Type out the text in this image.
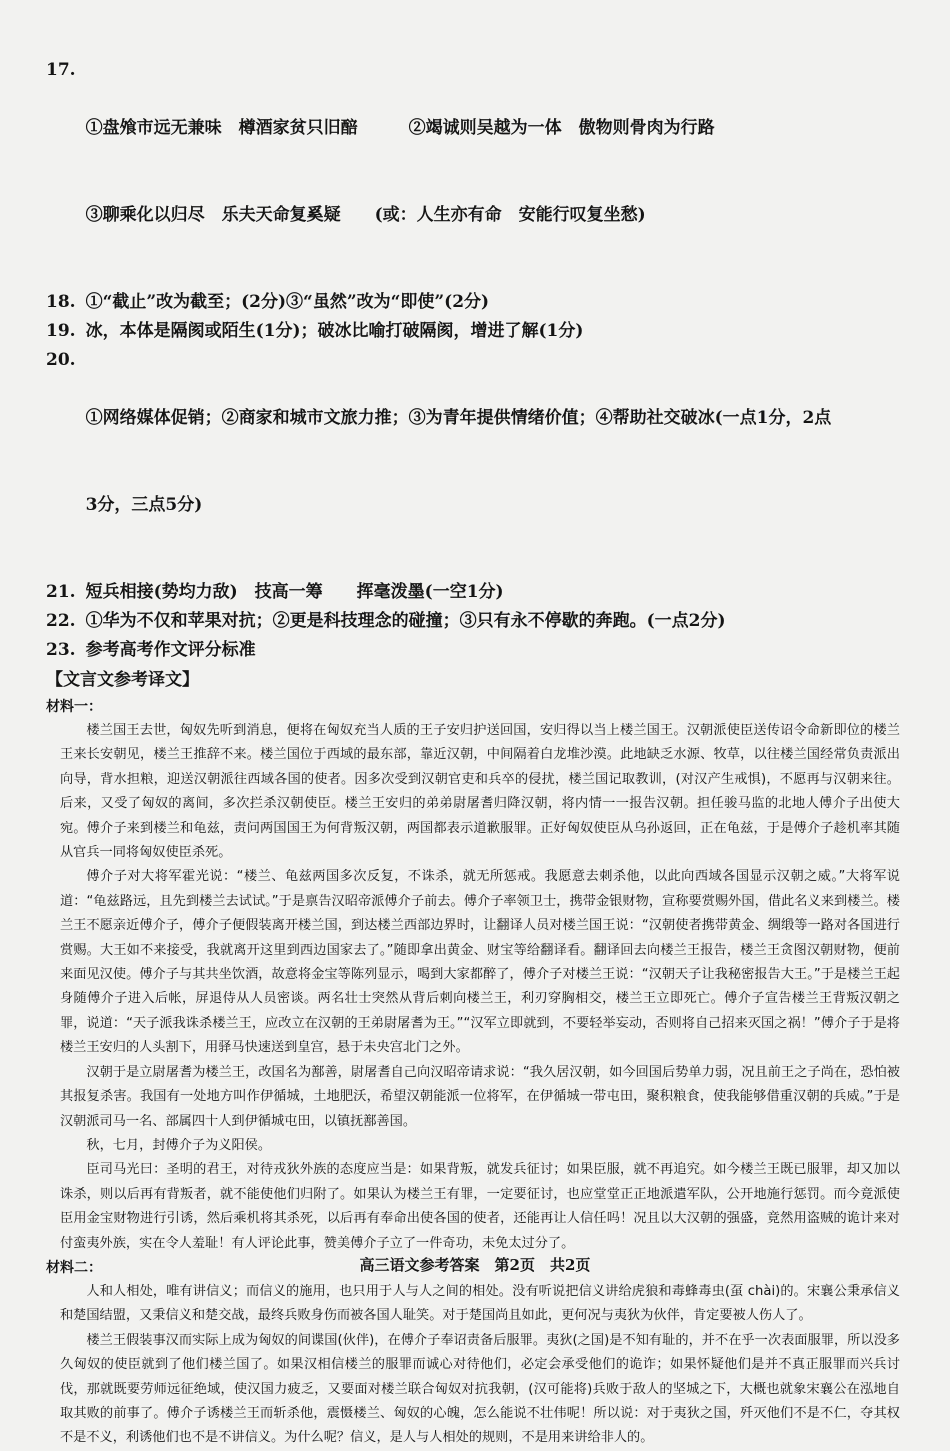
17.

①盘飧市远无兼味　樽酒家贫只旧醅　　　②竭诚则吴越为一体　傲物则骨肉为行路

③聊乘化以归尽　乐夫天命复奚疑　　(或：人生亦有命　安能行叹复坐愁)

18. ①“截止”改为截至；(2分)③“虽然”改为“即使”(2分)
19. 冰，本体是隔阂或陌生(1分)；破冰比喻打破隔阂，增进了解(1分)
20.

①网络媒体促销；②商家和城市文旅力推；③为青年提供情绪价值；④帮助社交破冰(一点1分，2点

3分，三点5分)

21. 短兵相接(势均力敌)　技高一筹　　挥毫泼墨(一空1分)
22. ①华为不仅和苹果对抗；②更是科技理念的碰撞；③只有永不停歇的奔跑。(一点2分)
23. 参考高考作文评分标准
【文言文参考译文】
材料一：

楼兰国王去世，匈奴先听到消息，便将在匈奴充当人质的王子安归护送回国，安归得以当上楼兰国王。汉朝派使臣送传诏令命新即位的楼兰王来长安朝见，楼兰王推辞不来。楼兰国位于西域的最东部，靠近汉朝，中间隔着白龙堆沙漠。此地缺乏水源、牧草，以往楼兰国经常负责派出向导，背水担粮，迎送汉朝派往西域各国的使者。因多次受到汉朝官吏和兵卒的侵扰，楼兰国记取教训，(对汉产生戒惧)，不愿再与汉朝来往。后来，又受了匈奴的离间，多次拦杀汉朝使臣。楼兰王安归的弟弟尉屠耆归降汉朝，将内情一一报告汉朝。担任骏马监的北地人傅介子出使大宛。傅介子来到楼兰和龟兹，责问两国国王为何背叛汉朝，两国都表示道歉服罪。正好匈奴使臣从乌孙返回，正在龟兹，于是傅介子趁机率其随从官兵一同将匈奴使臣杀死。

傅介子对大将军霍光说：“楼兰、龟兹两国多次反复，不诛杀，就无所惩戒。我愿意去刺杀他，以此向西域各国显示汉朝之威。”大将军说道：“龟兹路远，且先到楼兰去试试。”于是禀告汉昭帝派傅介子前去。傅介子率领卫士，携带金银财物，宣称要赏赐外国，借此名义来到楼兰。楼兰王不愿亲近傅介子，傅介子便假装离开楼兰国，到达楼兰西部边界时，让翻译人员对楼兰国王说：“汉朝使者携带黄金、绸缎等一路对各国进行赏赐。大王如不来接受，我就离开这里到西边国家去了。”随即拿出黄金、财宝等给翻译看。翻译回去向楼兰王报告，楼兰王贪图汉朝财物，便前来面见汉使。傅介子与其共坐饮酒，故意将金宝等陈列显示，喝到大家都醉了，傅介子对楼兰王说：“汉朝天子让我秘密报告大王。”于是楼兰王起身随傅介子进入后帐，屏退侍从人员密谈。两名壮士突然从背后刺向楼兰王，利刃穿胸相交，楼兰王立即死亡。傅介子宣告楼兰王背叛汉朝之罪，说道：“天子派我诛杀楼兰王，应改立在汉朝的王弟尉屠耆为王。”“汉军立即就到，不要轻举妄动，否则将自己招来灭国之祸！”傅介子于是将楼兰王安归的人头割下，用驿马快速送到皇宫，悬于未央宫北门之外。

汉朝于是立尉屠耆为楼兰王，改国名为鄯善，尉屠耆自己向汉昭帝请求说：“我久居汉朝，如今回国后势单力弱，况且前王之子尚在，恐怕被其报复杀害。我国有一处地方叫作伊循城，土地肥沃，希望汉朝能派一位将军，在伊循城一带屯田，聚积粮食，使我能够借重汉朝的兵威。”于是汉朝派司马一名、部属四十人到伊循城屯田，以镇抚鄯善国。

秋，七月，封傅介子为义阳侯。

臣司马光曰：圣明的君王，对待戎狄外族的态度应当是：如果背叛，就发兵征讨；如果臣服，就不再追究。如今楼兰王既已服罪，却又加以诛杀，则以后再有背叛者，就不能使他们归附了。如果认为楼兰王有罪，一定要征讨，也应堂堂正正地派遣军队，公开地施行惩罚。而今竟派使臣用金宝财物进行引诱，然后乘机将其杀死，以后再有奉命出使各国的使者，还能再让人信任吗！况且以大汉朝的强盛，竟然用盗贼的诡计来对付蛮夷外族，实在令人羞耻！有人评论此事，赞美傅介子立了一件奇功，未免太过分了。

材料二：

人和人相处，唯有讲信义；而信义的施用，也只用于人与人之间的相处。没有听说把信义讲给虎狼和毒蜂毒虫(虿 chài)的。宋襄公秉承信义和楚国结盟，又秉信义和楚交战，最终兵败身伤而被各国人耻笑。对于楚国尚且如此，更何况与夷狄为伙伴，肯定要被人伤人了。

楼兰王假装事汉而实际上成为匈奴的间谍国(伙伴)，在傅介子奉诏责备后服罪。夷狄(之国)是不知有耻的，并不在乎一次表面服罪，所以没多久匈奴的使臣就到了他们楼兰国了。如果汉相信楼兰的服罪而诚心对待他们，必定会承受他们的诡诈；如果怀疑他们是并不真正服罪而兴兵讨伐，那就既要劳师远征绝域，使汉国力疲乏，又要面对楼兰联合匈奴对抗我朝，(汉可能将)兵败于敌人的坚城之下，大概也就象宋襄公在泓地自取其败的前事了。傅介子诱楼兰王而斩杀他，震慑楼兰、匈奴的心魄，怎么能说不壮伟呢！所以说：对于夷狄之国，歼灭他们不是不仁，夺其权不是不义，利诱他们也不是不讲信义。为什么呢？信义，是人与人相处的规则，不是用来讲给非人的。

高三语文参考答案　第2页　共2页
